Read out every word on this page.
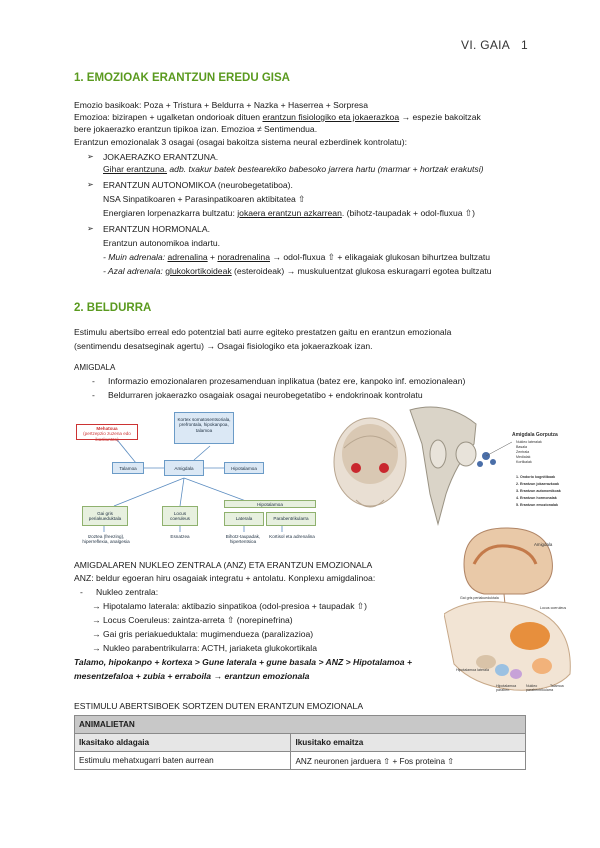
VI. GAIA 1
1. EMOZIOAK ERANTZUN EREDU GISA
Emozio basikoak: Poza + Tristura + Beldurra + Nazka + Haserrea + Sorpresa
Emozioa: bizirapen + ugalketan ondorioak dituen erantzun fisiologiko eta jokaerazkoa → espezie bakoitzak
bere jokaerazko erantzun tipikoa izan. Emozioa ≠ Sentimendua.
Erantzun emozionalak 3 osagai (osagai bakoitza sistema neural ezberdinek kontrolatu):
➢ JOKAERAZKO ERANTZUNA.
Gihar erantzuna. adb. txakur batek bestearekiko babesoko jarrera hartu (marmar + hortzak erakutsi)
➢ ERANTZUN AUTONOMIKOA (neurobegetatiboa).
NSA Sinpatikoaren + Parasinpatikoaren aktibitatea ⇧
Energiaren lorpenazkarra bultzatu: jokaera erantzun azkarrean. (bihotz-taupadak + odol-fluxua ⇧)
➢ ERANTZUN HORMONALA.
Erantzun autonomikoa indartu.
- Muin adrenala: adrenalina + noradrenalina → odol-fluxua ⇧ + elikagaiak glukosan bihurtzea bultzatu
- Azal adrenala: glukokortikoideak (esteroideak) → muskuluentzat glukosa eskuragarri egotea bultzatu
2. BELDURRA
Estimulu abertsibo erreal edo potentzial bati aurre egiteko prestatzen gaitu en erantzun emozionala
(sentimendu desatseginak agertu) → Osagai fisiologiko eta jokaerazkoak izan.
AMIGDALA
- Informazio emozionalaren prozesamenduan inplikatua (batez ere, kanpoko inf. emozionalean)
- Beldurraren jokaerazko osagaiak osagai neurobegetatibo + endokrinoak kontrolatu
Mehatxua
(pertzepzio zuzena edo ikaskuntza)
Kortex somatosentsoriala, prefrontala, hipokanpoa, talamoa
Talamoa	Amigdala	Hipotalamoa
Gai gris periakueduktala
Locus coeruleus
Hipotalamoa
Laterala	Parabentrikularra
Izoztea (freezing), hiperreflexia, analgesia
Esnatzea	Bihotz-taupadak, hipertentsioa
Kortisol eta adrenalina
Amigdala Gorputza
Nukleo lateralak
Basala
Zentrala
Medialak
Kortikalak
1. Ondorio kognitiboak
2. Erantzun jokaerazkoak
3. Erantzun autonomikoak
4. Erantzun hormonalak
5. Erantzun emozionalak
Amigdala
Gai gris periakueduktala
Locus coeruleus
Hipotalamoa laterala
Hipotalamoa paraben.
Nukleo parabentrikularra
Talamoa
AMIGDALAREN NUKLEO ZENTRALA (ANZ) ETA ERANTZUN EMOZIONALA
ANZ: beldur egoeran hiru osagaiak integratu + antolatu. Konplexu amigdalinoa:
- Nukleo zentrala:
→ Hipotalamo laterala: aktibazio sinpatikoa (odol-presioa + taupadak ⇧)
→ Locus Coeruleus: zaintza-arreta ⇧ (norepinefrina)
→ Gai gris periakueduktala: mugimendueza (paralizazioa)
→ Nukleo parabentrikularra: ACTH, jariaketa glukokortikala
Talamo, hipokanpo + kortexa > Gune laterala + gune basala > ANZ > Hipotalamoa +
mesentzefaloa + zubia + erraboila → erantzun emozionala
ESTIMULU ABERTSIBOEK SORTZEN DUTEN ERANTZUN EMOZIONALA
ANIMALIETAN	
Ikasitako aldagaia	Ikusitako emaitza
Estimulu mehatxugarri baten aurrean	ANZ neuronen jarduera ⇧ + Fos proteina ⇧
